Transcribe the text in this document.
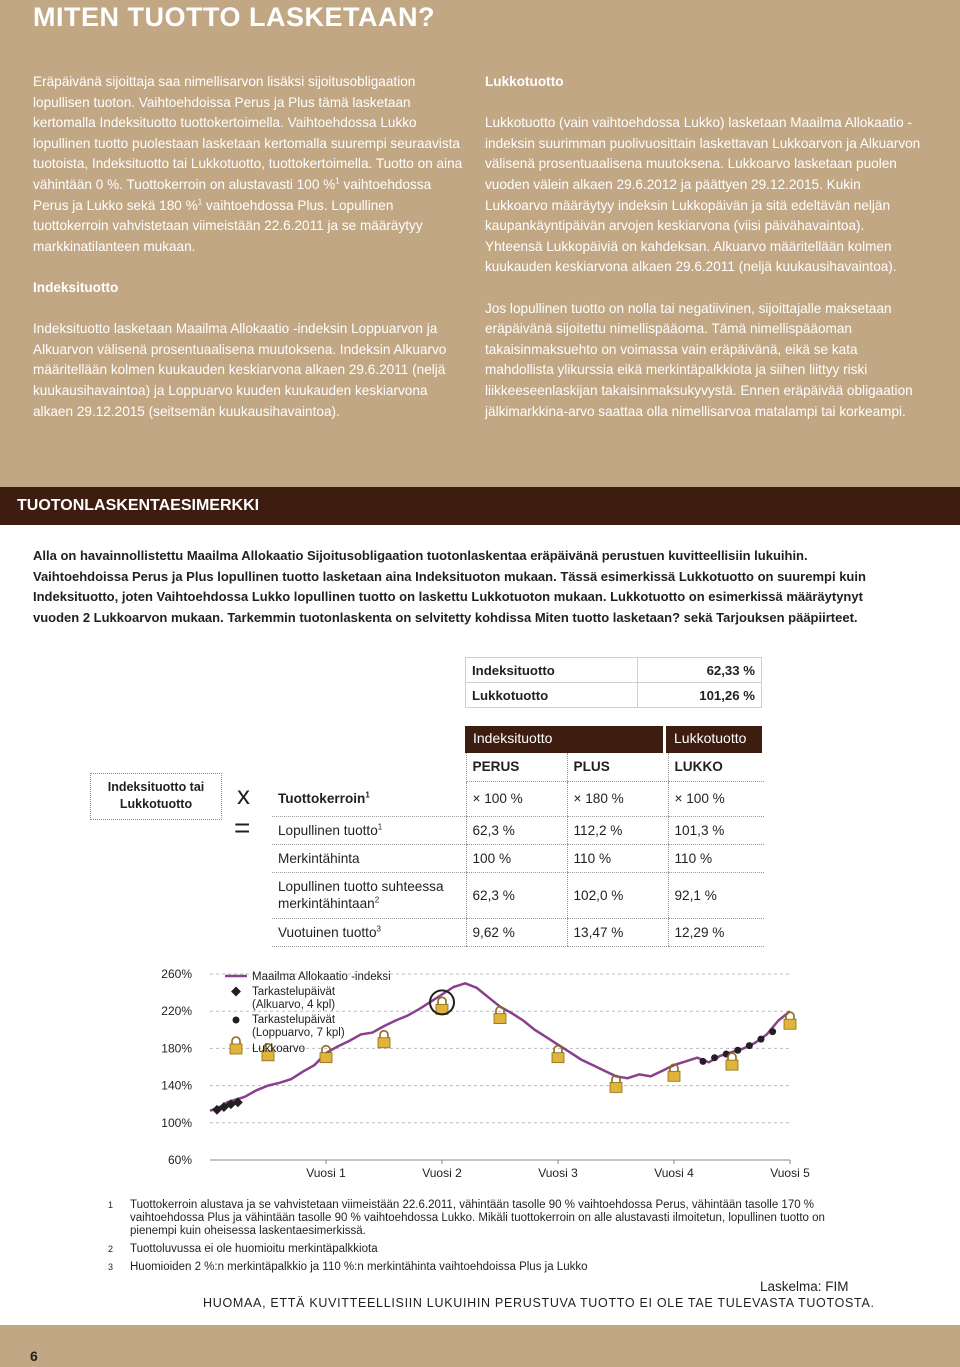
MITEN TUOTTO LASKETAAN?

Eräpäivänä sijoittaja saa nimellisarvon lisäksi sijoitusobligaation lopullisen tuoton. Vaihtoehdoissa Perus ja Plus tämä lasketaan kertomalla Indeksituotto tuottokertoimella. Vaihtoehdossa Lukko lopullinen tuotto puolestaan lasketaan kertomalla suurempi seuraavista tuotoista, Indeksituotto tai Lukkotuotto, tuottokertoimella. Tuotto on aina vähintään 0 %. Tuottokerroin on alustavasti 100 %$^1$ vaihtoehdossa Perus ja Lukko sekä 180 %$^1$ vaihtoehdossa Plus. Lopullinen tuottokerroin vahvistetaan viimeistään 22.6.2011 ja se määräytyy markkinatilanteen mukaan.

Indeksituotto

Indeksituotto lasketaan Maailma Allokaatio -indeksin Loppuarvon ja Alkuarvon välisenä prosentuaalisena muutoksena. Indeksin Alkuarvo määritellään kolmen kuukauden keskiarvona alkaen 29.6.2011 (neljä kuukausihavaintoa) ja Loppuarvo kuuden kuukauden keskiarvona alkaen 29.12.2015 (seitsemän kuukausihavaintoa).

Lukkotuotto

Lukkotuotto (vain vaihtoehdossa Lukko) lasketaan Maailma Allokaatio -indeksin suurimman puolivuosittain laskettavan Lukkoarvon ja Alkuarvon välisenä prosentuaalisena muutoksena. Lukkoarvo lasketaan puolen vuoden välein alkaen 29.6.2012 ja päättyen 29.12.2015. Kukin Lukkoarvo määräytyy indeksin Lukkopäivän ja sitä edeltävän neljän kaupankäyntipäivän arvojen keskiarvona (viisi päivähavaintoa). Yhteensä Lukkopäiviä on kahdeksan. Alkuarvo määritellään kolmen kuukauden keskiarvona alkaen 29.6.2011 (neljä kuukausihavaintoa).

Jos lopullinen tuotto on nolla tai negatiivinen, sijoittajalle maksetaan eräpäivänä sijoitettu nimellispääoma. Tämä nimellispääoman takaisinmaksuehto on voimassa vain eräpäivänä, eikä se kata mahdollista ylikurssia eikä merkintäpalkkiota ja siihen liittyy riski liikkeeseenlaskijan takaisinmaksukyvystä. Ennen eräpäivää obligaation jälkimarkkina-arvo saattaa olla nimellisarvoa matalampi tai korkeampi.

TUOTONLASKENTAESIMERKKI
Alla on havainnollistettu Maailma Allokaatio Sijoitusobligaation tuotonlaskentaa eräpäivänä perustuen kuvitteellisiin lukuihin. Vaihtoehdoissa Perus ja Plus lopullinen tuotto lasketaan aina Indeksituoton mukaan. Tässä esimerkissä Lukkotuotto on suurempi kuin Indeksituotto, joten Vaihtoehdossa Lukko lopullinen tuotto on laskettu Lukkotuoton mukaan. Lukkotuotto on esimerkissä määräytynyt vuoden 2 Lukkoarvon mukaan. Tarkemmin tuotonlaskenta on selvitetty kohdissa Miten tuotto lasketaan? sekä Tarjouksen pääpiirteet.
Indeksituotto	62,33 %
Lukkotuotto	101,26 %
Indeksituotto	Lukkotuotto
Indeksituotto tai Lukkotuotto	x
=
	PERUS	PLUS	LUKKO
Tuottokerroin$^1$	× 100 %	× 180 %	× 100 %
Lopullinen tuotto$^1$	62,3 %	112,2 %	101,3 %
Merkintähinta	100 %	110 %	110 %
Lopullinen tuotto suhteessa merkintähintaan$^2$	62,3 %	102,0 %	92,1 %
Vuotuinen tuotto$^3$	9,62 %	13,47 %	12,29 %
260%
220%
180%
140%
100%
60%
Vuosi 1	Vuosi 2	Vuosi 3	Vuosi 4	Vuosi 5
Maailma Allokaatio -indeksi
Tarkastelupäivät
(Alkuarvo, 4 kpl)
Tarkastelupäivät
(Loppuarvo, 7 kpl)
Lukkoarvo
1	Tuottokerroin alustava ja se vahvistetaan viimeistään 22.6.2011, vähintään tasolle 90 % vaihtoehdossa Perus, vähintään tasolle 170 % vaihtoehdossa Plus ja vähintään tasolle 90 % vaihtoehdossa Lukko. Mikäli tuottokerroin on alle alustavasti ilmoitetun, lopullinen tuotto on pienempi kuin oheisessa laskentaesimerkissä.
2	Tuottoluvussa ei ole huomioitu merkintäpalkkiota
3	Huomioiden 2 %:n merkintäpalkkio ja 110 %:n merkintähinta vaihtoehdoissa Plus ja Lukko
Laskelma: FIM
HUOMAA, ETTÄ KUVITTEELLISIIN LUKUIHIN PERUSTUVA TUOTTO EI OLE TAE TULEVASTA TUOTOSTA.
6
